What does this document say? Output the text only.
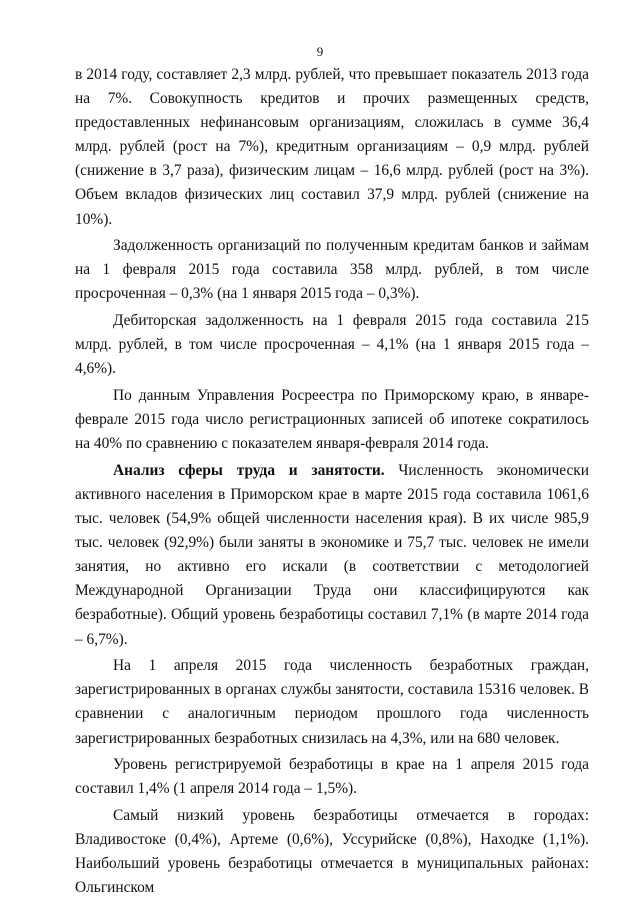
9

в 2014 году, составляет 2,3 млрд. рублей, что превышает показатель 2013 года на 7%. Совокупность кредитов и прочих размещенных средств, предоставленных нефинансовым организациям, сложилась в сумме 36,4 млрд. рублей (рост на 7%), кредитным организациям – 0,9 млрд. рублей (снижение в 3,7 раза), физическим лицам – 16,6 млрд. рублей (рост на 3%). Объем вкладов физических лиц составил 37,9 млрд. рублей (снижение на 10%).

Задолженность организаций по полученным кредитам банков и займам на 1 февраля 2015 года составила 358 млрд. рублей, в том числе просроченная – 0,3% (на 1 января 2015 года – 0,3%).

Дебиторская задолженность на 1 февраля 2015 года составила 215 млрд. рублей, в том числе просроченная – 4,1% (на 1 января 2015 года – 4,6%).

По данным Управления Росреестра по Приморскому краю, в январе-феврале 2015 года число регистрационных записей об ипотеке сократилось на 40% по сравнению с показателем января-февраля 2014 года.

Анализ сферы труда и занятости. Численность экономически активного населения в Приморском крае в марте 2015 года составила 1061,6 тыс. человек (54,9% общей численности населения края). В их числе 985,9 тыс. человек (92,9%) были заняты в экономике и 75,7 тыс. человек не имели занятия, но активно его искали (в соответствии с методологией Международной Организации Труда они классифицируются как безработные). Общий уровень безработицы составил 7,1% (в марте 2014 года – 6,7%).

На 1 апреля 2015 года численность безработных граждан, зарегистрированных в органах службы занятости, составила 15316 человек. В сравнении с аналогичным периодом прошлого года численность зарегистрированных безработных снизилась на 4,3%, или на 680 человек.

Уровень регистрируемой безработицы в крае на 1 апреля 2015 года составил 1,4% (1 апреля 2014 года – 1,5%).

Самый низкий уровень безработицы отмечается в городах: Владивостоке (0,4%), Артеме (0,6%), Уссурийске (0,8%), Находке (1,1%). Наибольший уровень безработицы отмечается в муниципальных районах: Ольгинском
